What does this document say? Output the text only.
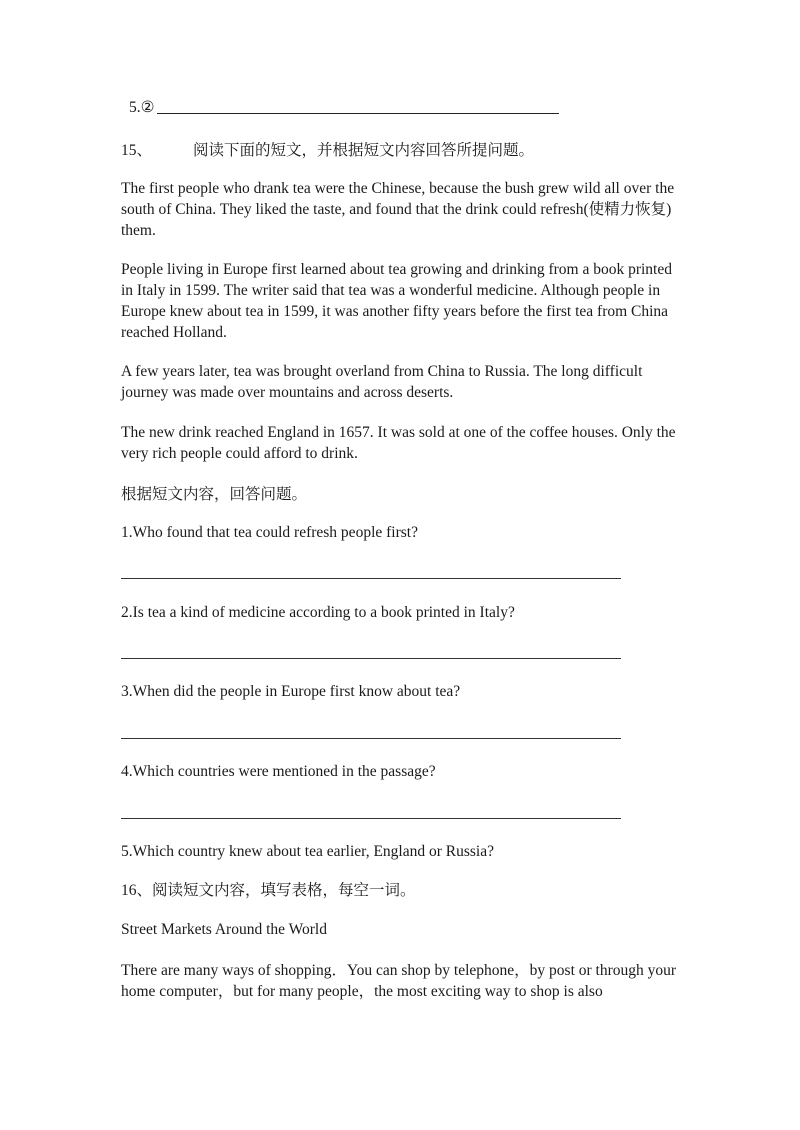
5.②
15、	阅读下面的短文，并根据短文内容回答所提问题。
The first people who drank tea were the Chinese, because the bush grew wild all over the south of China. They liked the taste, and found that the drink could refresh(使精力恢复) them.
People living in Europe first learned about tea growing and drinking from a book printed in Italy in 1599. The writer said that tea was a wonderful medicine. Although people in Europe knew about tea in 1599, it was another fifty years before the first tea from China reached Holland.
A few years later, tea was brought overland from China to Russia. The long difficult journey was made over mountains and across deserts.
The new drink reached England in 1657. It was sold at one of the coffee houses. Only the very rich people could afford to drink.
根据短文内容，回答问题。
1.Who found that tea could refresh people first?
2.Is tea a kind of medicine according to a book printed in Italy?
3.When did the people in Europe first know about tea?
4.Which countries were mentioned in the passage?
5.Which country knew about tea earlier, England or Russia?
16、阅读短文内容，填写表格，每空一词。
Street Markets Around the World
There are many ways of shopping．You can shop by telephone，by post or through your home computer，but for many people，the most exciting way to shop is also
